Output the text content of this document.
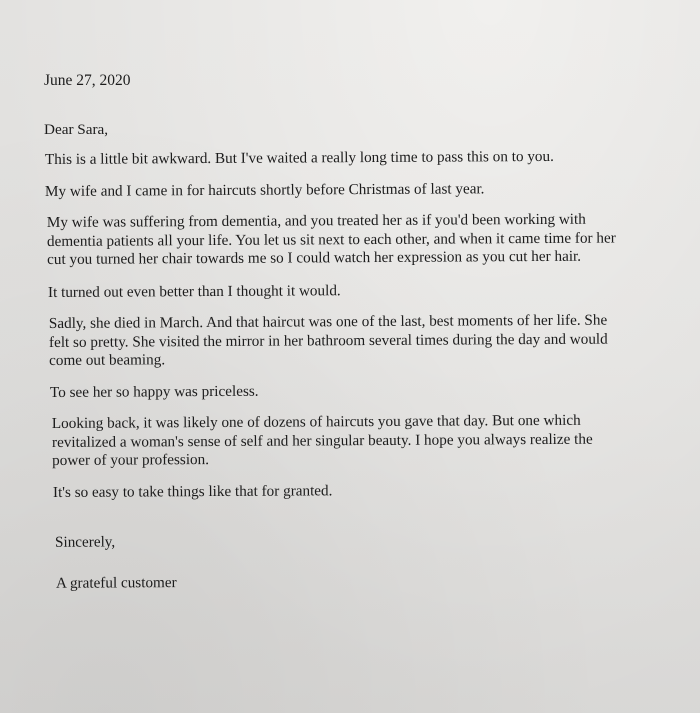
June 27, 2020

Dear Sara,

This is a little bit awkward. But I've waited a really long time to pass this on to you.

My wife and I came in for haircuts shortly before Christmas of last year.

My wife was suffering from dementia, and you treated her as if you'd been working with dementia patients all your life. You let us sit next to each other, and when it came time for her cut you turned her chair towards me so I could watch her expression as you cut her hair.

It turned out even better than I thought it would.

Sadly, she died in March. And that haircut was one of the last, best moments of her life. She felt so pretty. She visited the mirror in her bathroom several times during the day and would come out beaming.

To see her so happy was priceless.

Looking back, it was likely one of dozens of haircuts you gave that day. But one which revitalized a woman's sense of self and her singular beauty. I hope you always realize the power of your profession.

It's so easy to take things like that for granted.

Sincerely,

A grateful customer
